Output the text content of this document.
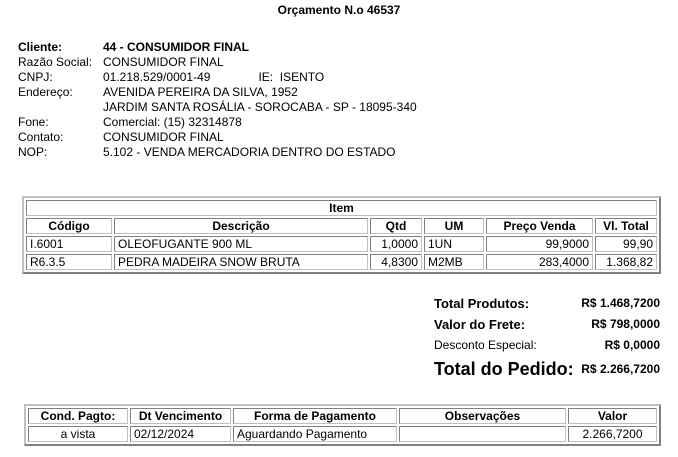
Orçamento N.o 46537
Cliente:	44 - CONSUMIDOR FINAL
Razão Social: CONSUMIDOR FINAL
CNPJ:	01.218.529/0001-49	IE: ISENTO
Endereço:	AVENIDA PEREIRA DA SILVA, 1952
JARDIM SANTA ROSÁLIA - SOROCABA - SP - 18095-340
Fone:	Comercial: (15) 32314878
Contato:	CONSUMIDOR FINAL
NOP:	5.102 - VENDA MERCADORIA DENTRO DO ESTADO
Item					
Código	Descrição	Qtd	UM	Preço Venda	Vl. Total
I.6001	OLEOFUGANTE 900 ML	1,0000	1UN	99,9000	99,90
R6.3.5	PEDRA MADEIRA SNOW BRUTA	4,8300	M2MB	283,4000	1.368,82
Total Produtos:	R$ 1.468,7200
Valor do Frete:	R$ 798,0000
Desconto Especial:	R$ 0,0000
Total do Pedido: R$ 2.266,7200
Cond. Pagto:	Dt Vencimento	Forma de Pagamento	Observações	Valor
a vista	02/12/2024	Aguardando Pagamento		2.266,7200
